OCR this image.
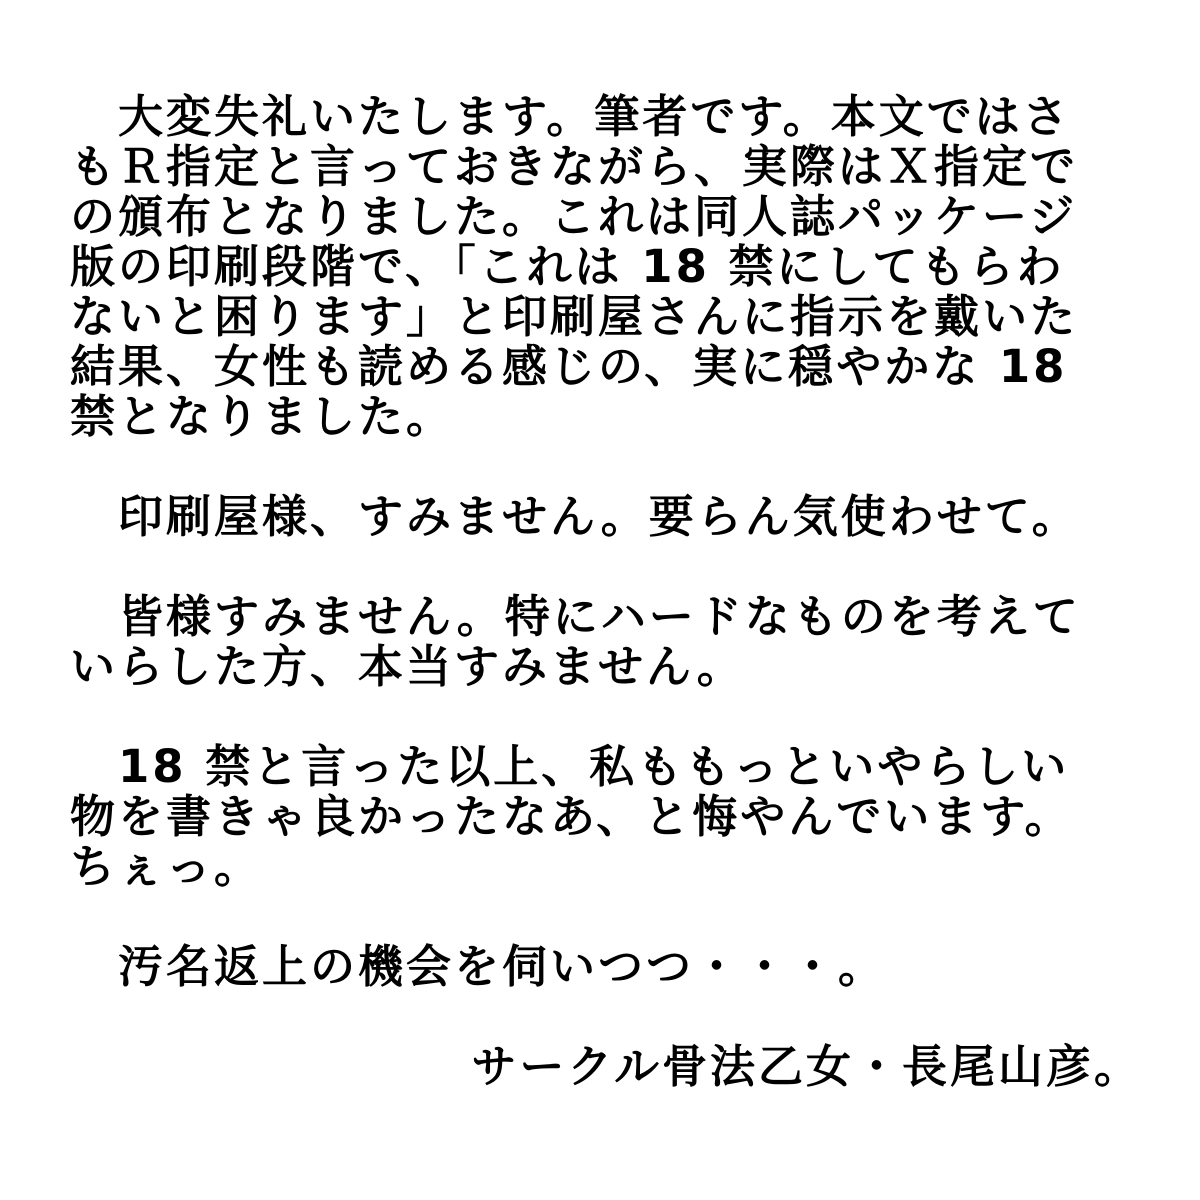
　大変失礼いたします。筆者です。本文ではさ
もＲ指定と言っておきながら、実際はＸ指定で
の頒布となりました。これは同人誌パッケージ
版の印刷段階で、「これは 18 禁にしてもらわ
ないと困ります」と印刷屋さんに指示を戴いた
結果、女性も読める感じの、実に穏やかな 18
禁となりました。

　印刷屋様、すみません。要らん気使わせて。

　皆様すみません。特にハードなものを考えて
いらした方、本当すみません。

　18 禁と言った以上、私ももっといやらしい
物を書きゃ良かったなあ、と悔やんでいます。
ちぇっ。

　汚名返上の機会を伺いつつ・・・。

サークル骨法乙女・長尾山彦。
